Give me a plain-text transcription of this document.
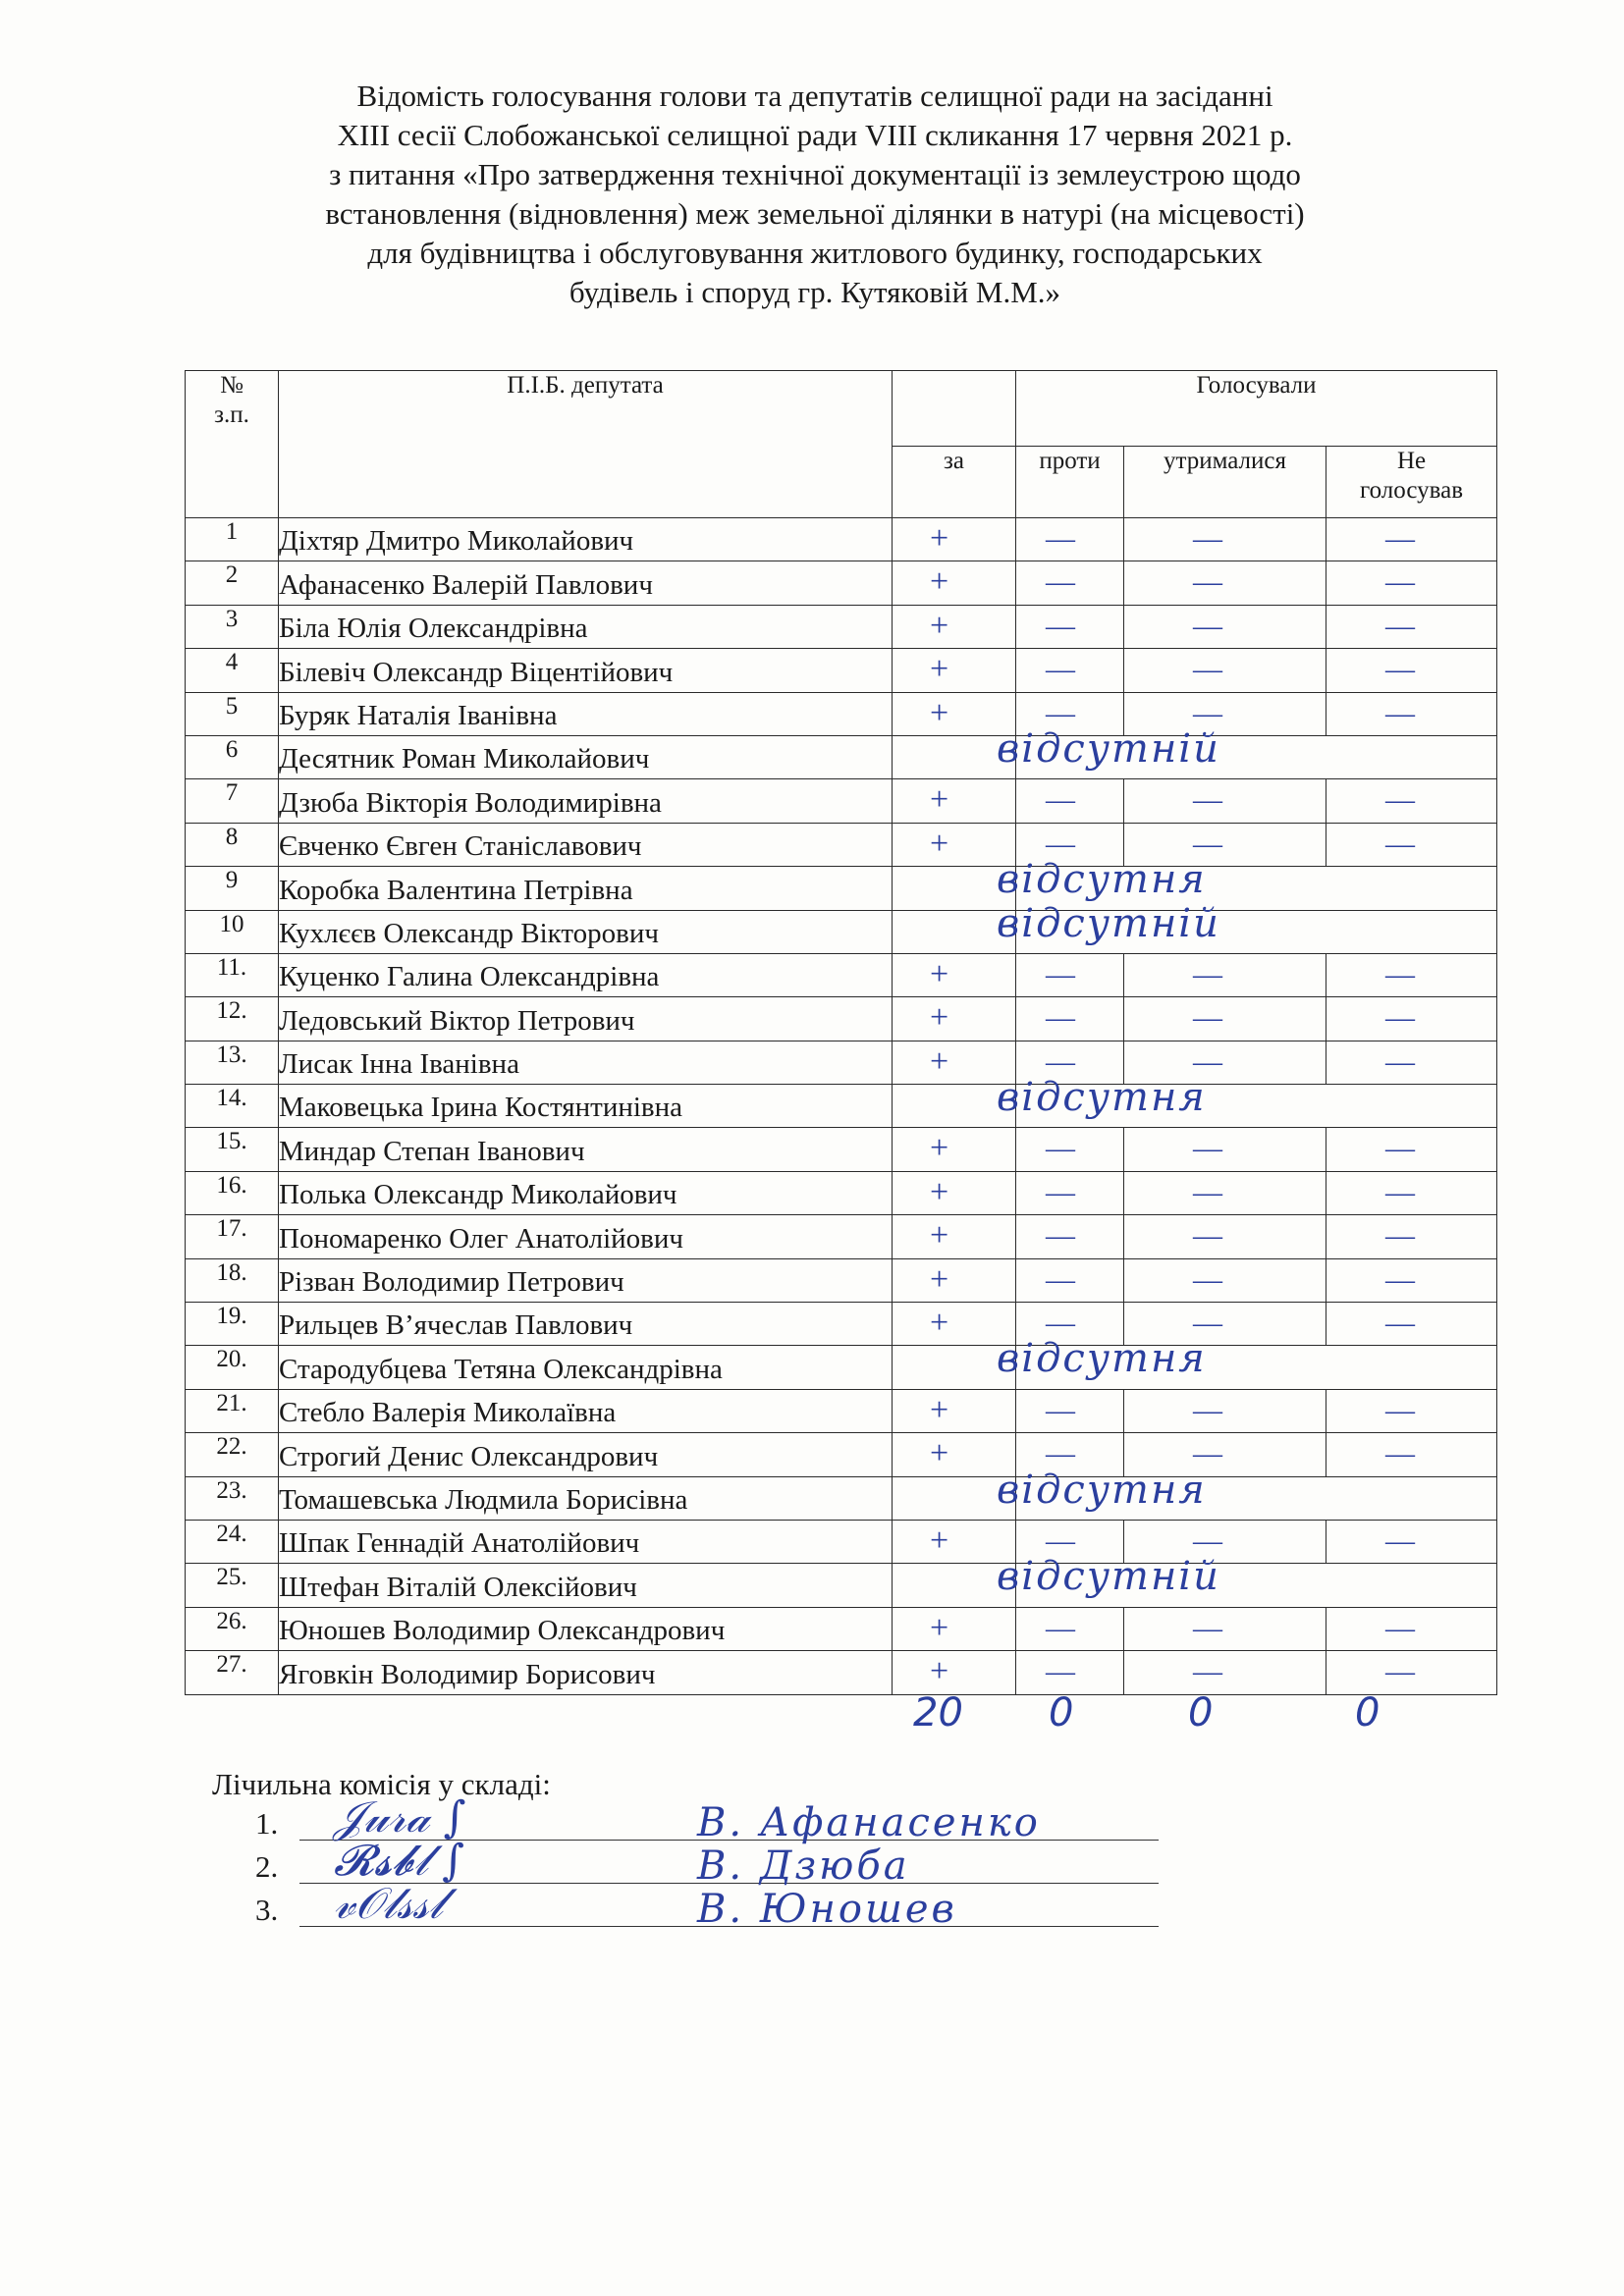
Відомість голосування голови та депутатів селищної ради на засіданні
XIII сесії Слобожанської селищної ради VIII скликання 17 червня 2021 р.
з питання «Про затвердження технічної документації із землеустрою щодо
встановлення (відновлення) меж земельної ділянки в натурі (на місцевості)
для будівництва і обслуговування житлового будинку, господарських
будівель і споруд гр. Кутяковій М.М.»
№
з.п.	П.І.Б. депутата		Голосували			
		за	проти	утрималися	Не
голосував	
1	Діхтяр Дмитро Миколайович	+	—	—	—	

2	Афанасенко Валерій Павлович	+	—	—	—	

3	Біла Юлія Олександрівна	+	—	—	—	

4	Білевіч Олександр Віцентійович	+	—	—	—	

5	Буряк Наталія Іванівна	+	—	—	—	

6	Десятник Роман Миколайович		відсутній			

7	Дзюба Вікторія Володимирівна	+	—	—	—	

8	Євченко Євген Станіславович	+	—	—	—	

9	Коробка Валентина Петрівна		відсутня			

10	Кухлєєв Олександр Вікторович		відсутній			

11.	Куценко Галина Олександрівна	+	—	—	—	

12.	Ледовський Віктор Петрович	+	—	—	—	

13.	Лисак Інна Іванівна	+	—	—	—	

14.	Маковецька Ірина Костянтинівна		відсутня			

15.	Миндар Степан Іванович	+	—	—	—	

16.	Полька Олександр Миколайович	+	—	—	—	

17.	Пономаренко Олег Анатолійович	+	—	—	—	

18.	Різван Володимир Петрович	+	—	—	—	

19.	Рильцев В’ячеслав Павлович	+	—	—	—	

20.	Стародубцева Тетяна Олександрівна		відсутня			

21.	Стебло Валерія Миколаївна	+	—	—	—	

22.	Строгий Денис Олександрович	+	—	—	—	

23.	Томашевська Людмила Борисівна		відсутня			

24.	Шпак Геннадій Анатолійович	+	—	—	—	

25.	Штефан Віталій Олексійович		відсутній			

26.	Юношев Володимир Олександрович	+	—	—	—	

27.	Яговкін Володимир Борисович	+	—	—	—	
20 0	0	0
Лічильна комісія у складі:
1. 𝒥𝓊𝓇𝒶 ∫	В. Афанасенко
2. 𝓡𝓼𝓫𝓁 ∫	В. Дзюба
3. 𝓋𝒪𝓁𝓈𝓈𝓁	В. Юношев
